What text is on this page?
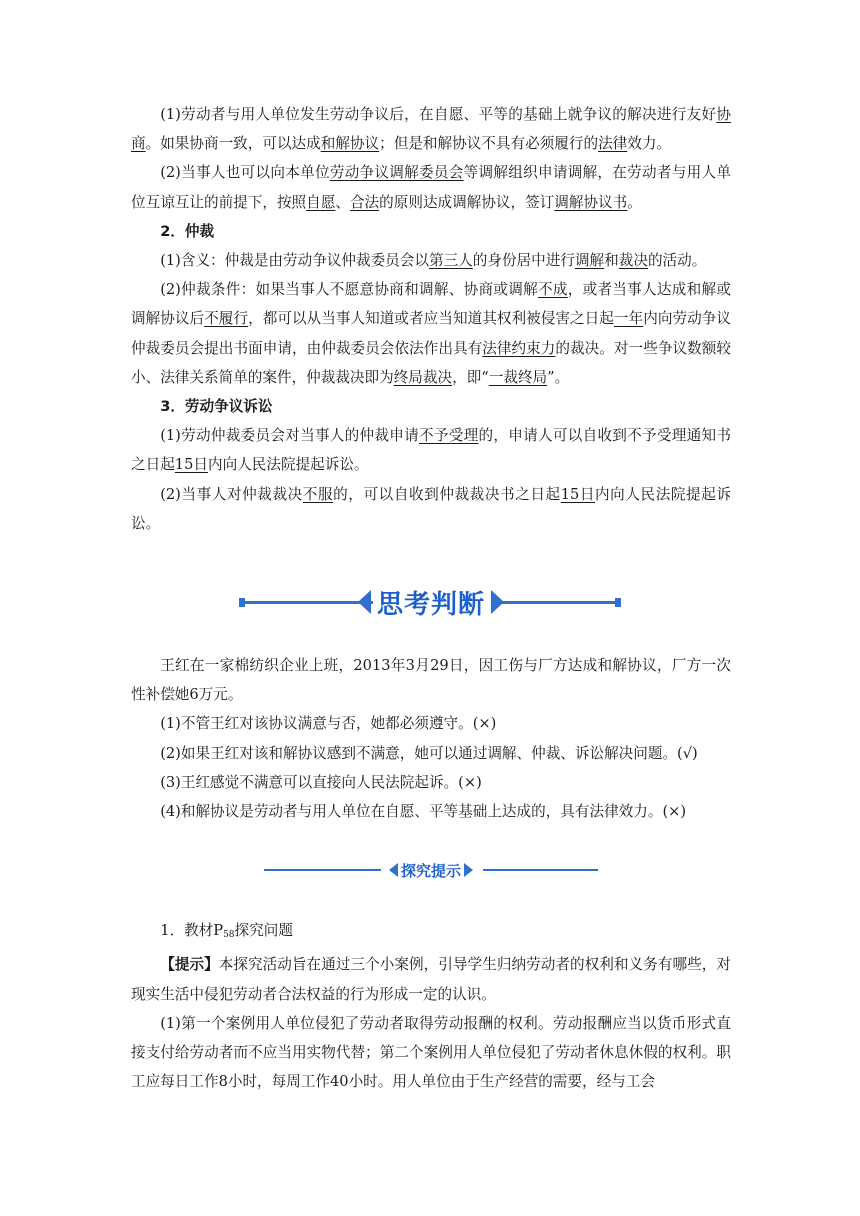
(1)劳动者与用人单位发生劳动争议后，在自愿、平等的基础上就争议的解决进行友好协商。如果协商一致，可以达成和解协议；但是和解协议不具有必须履行的法律效力。

(2)当事人也可以向本单位劳动争议调解委员会等调解组织申请调解，在劳动者与用人单位互谅互让的前提下，按照自愿、合法的原则达成调解协议，签订调解协议书。

2．仲裁

(1)含义：仲裁是由劳动争议仲裁委员会以第三人的身份居中进行调解和裁决的活动。

(2)仲裁条件：如果当事人不愿意协商和调解、协商或调解不成，或者当事人达成和解或调解协议后不履行，都可以从当事人知道或者应当知道其权利被侵害之日起一年内向劳动争议仲裁委员会提出书面申请，由仲裁委员会依法作出具有法律约束力的裁决。对一些争议数额较小、法律关系简单的案件，仲裁裁决即为终局裁决，即“一裁终局”。

3．劳动争议诉讼

(1)劳动仲裁委员会对当事人的仲裁申请不予受理的，申请人可以自收到不予受理通知书之日起15日内向人民法院提起诉讼。

(2)当事人对仲裁裁决不服的，可以自收到仲裁裁决书之日起15日内向人民法院提起诉讼。

思考判断

王红在一家棉纺织企业上班，2013年3月29日，因工伤与厂方达成和解协议，厂方一次性补偿她6万元。

(1)不管王红对该协议满意与否，她都必须遵守。(×)

(2)如果王红对该和解协议感到不满意，她可以通过调解、仲裁、诉讼解决问题。(√)

(3)王红感觉不满意可以直接向人民法院起诉。(×)

(4)和解协议是劳动者与用人单位在自愿、平等基础上达成的，具有法律效力。(×)

探究提示

1．教材$P_{58}$探究问题

【提示】本探究活动旨在通过三个小案例，引导学生归纳劳动者的权利和义务有哪些，对现实生活中侵犯劳动者合法权益的行为形成一定的认识。

(1)第一个案例用人单位侵犯了劳动者取得劳动报酬的权利。劳动报酬应当以货币形式直接支付给劳动者而不应当用实物代替；第二个案例用人单位侵犯了劳动者休息休假的权利。职工应每日工作8小时，每周工作40小时。用人单位由于生产经营的需要，经与工会
